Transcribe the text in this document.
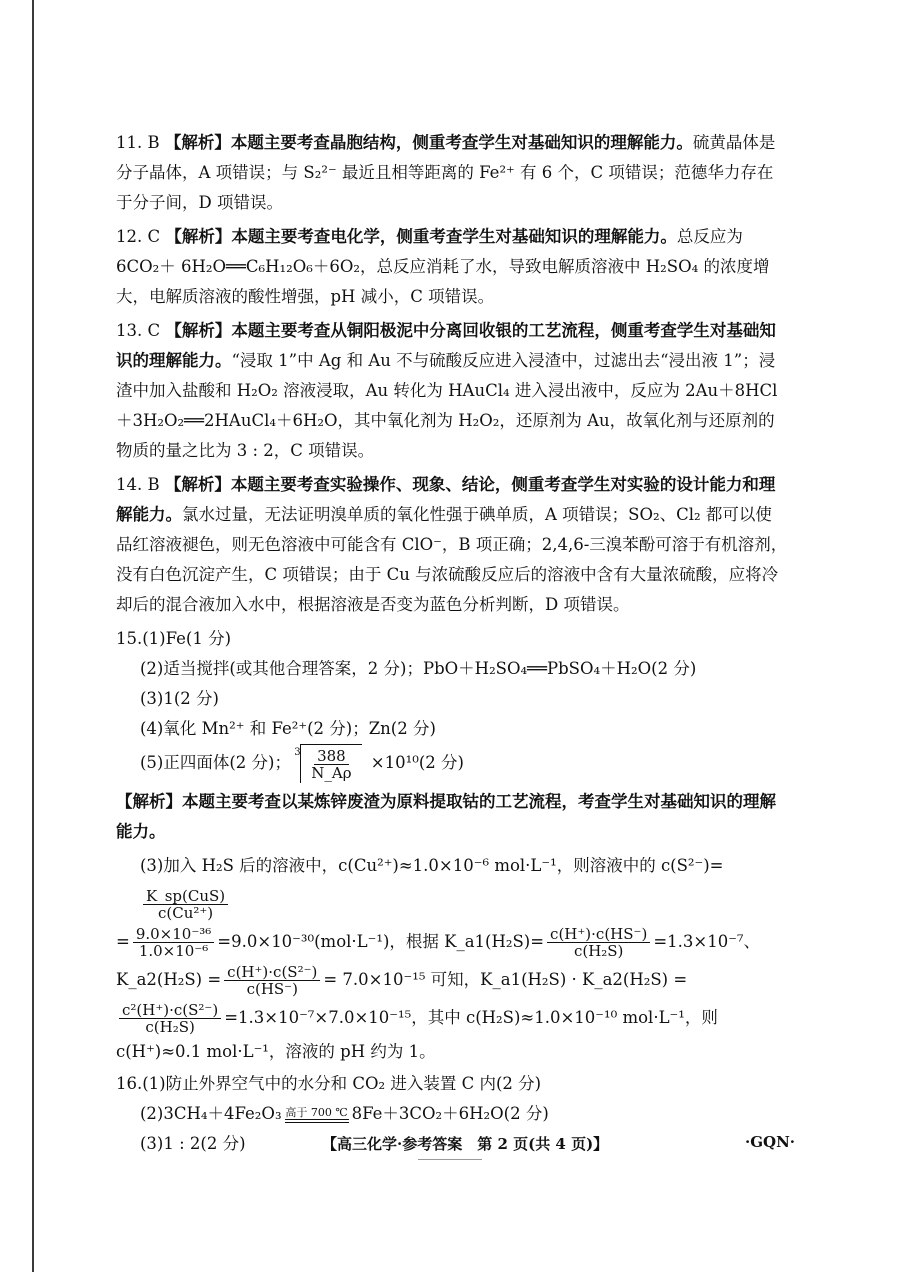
11. B 【解析】本题主要考查晶胞结构，侧重考查学生对基础知识的理解能力。硫黄晶体是分子晶体，A 项错误；与 S₂²⁻ 最近且相等距离的 Fe²⁺ 有 6 个，C 项错误；范德华力存在于分子间，D 项错误。
12. C 【解析】本题主要考查电化学，侧重考查学生对基础知识的理解能力。总反应为 6CO₂＋ 6H₂O══C₆H₁₂O₆＋6O₂，总反应消耗了水，导致电解质溶液中 H₂SO₄ 的浓度增大，电解质溶液的酸性增强，pH 减小，C 项错误。
13. C 【解析】本题主要考查从铜阳极泥中分离回收银的工艺流程，侧重考查学生对基础知识的理解能力。“浸取 1”中 Ag 和 Au 不与硫酸反应进入浸渣中，过滤出去“浸出液 1”；浸渣中加入盐酸和 H₂O₂ 溶液浸取，Au 转化为 HAuCl₄ 进入浸出液中，反应为 2Au＋8HCl＋3H₂O₂══2HAuCl₄＋6H₂O，其中氧化剂为 H₂O₂，还原剂为 Au，故氧化剂与还原剂的物质的量之比为 3 : 2，C 项错误。
14. B 【解析】本题主要考查实验操作、现象、结论，侧重考查学生对实验的设计能力和理解能力。氯水过量，无法证明溴单质的氧化性强于碘单质，A 项错误；SO₂、Cl₂ 都可以使品红溶液褪色，则无色溶液中可能含有 ClO⁻，B 项正确；2,4,6-三溴苯酚可溶于有机溶剂，没有白色沉淀产生，C 项错误；由于 Cu 与浓硫酸反应后的溶液中含有大量浓硫酸，应将冷却后的混合液加入水中，根据溶液是否变为蓝色分析判断，D 项错误。
15.(1)Fe(1 分)
(2)适当搅拌(或其他合理答案，2 分)；PbO＋H₂SO₄══PbSO₄＋H₂O(2 分)
(3)1(2 分)
(4)氧化 Mn²⁺ 和 Fe²⁺(2 分)；Zn(2 分)
(5)正四面体(2 分)；
$3 \frac{388}{N\_A\rho} \times 10^{10}(2$ 分)
【解析】本题主要考查以某炼锌废渣为原料提取钴的工艺流程，考查学生对基础知识的理解能力。
(3)加入 H₂S 后的溶液中，c(Cu²⁺)≈1.0×10⁻⁶ mol·L⁻¹，则溶液中的 c(S²⁻)=
$\frac{\text{K\_sp(CuS)}}{\text{c(Cu²⁺)}}$
= $\frac{\text{9.0×10⁻³⁶}}{\text{1.0×10⁻⁶}} =9.0\times 10^{-30}(mol\cdot L^{-1})$，根据 K_a1(H₂S)= $\frac{c(H^+)\cdot c(HS^-)}{\text{c(H₂S)}} =1.3\times 10^{-7}$、
K_a2(H₂S) = $\frac{\text{c(H⁺)·c(S²⁻)}}{c(HS^-)} = 7.0\times 10^{-15}$ 可知，K_a1(H₂S) · K_a2(H₂S) =
$\frac{\text{c²(H⁺)·c(S²⁻)}}{\text{c(H₂S)}} =1.3\times 10^{-7}\times 7.0\times 10^{-15}$，其中 c(H₂S)≈1.0×10⁻¹⁰ mol·L⁻¹，则
c(H⁺)≈0.1 mol·L⁻¹，溶液的 pH 约为 1。
16.(1)防止外界空气中的水分和 CO₂ 进入装置 C 内(2 分)
(2)3CH₄＋4Fe₂O₃ 高于 700 ℃ 8Fe＋3CO₂＋6H₂O(2 分)
(3)1 : 2(2 分)	【高三化学·参考答案　第 2 页(共 4 页)】	·GQN·
